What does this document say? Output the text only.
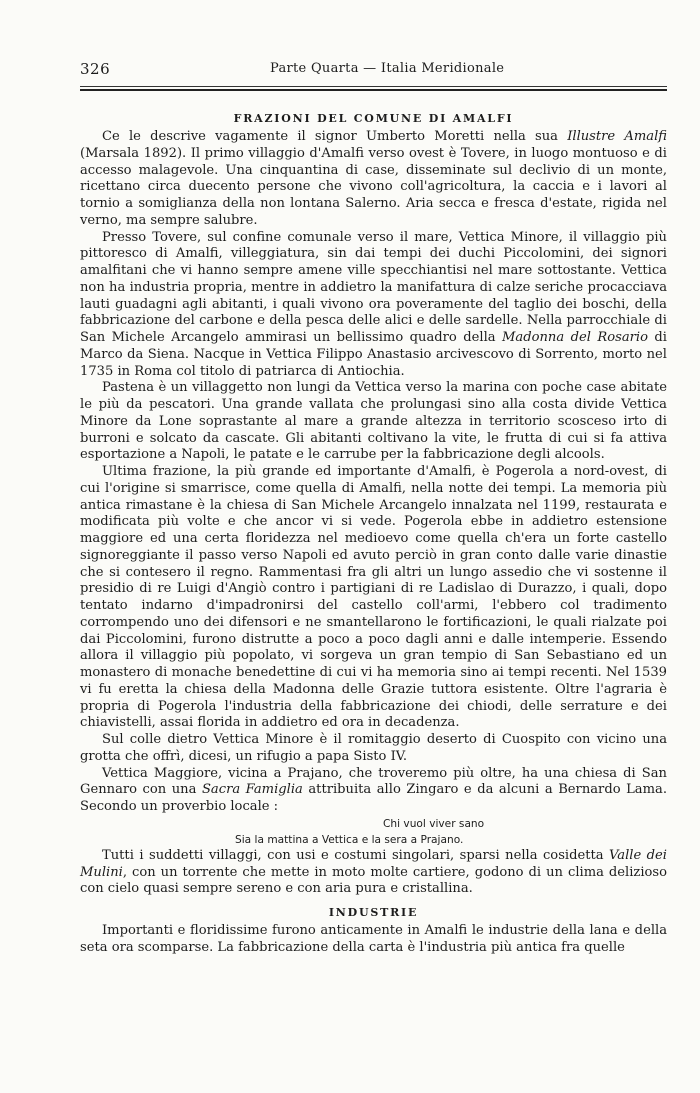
326	Parte Quarta — Italia Meridionale
FRAZIONI DEL COMUNE DI AMALFI

Ce le descrive vagamente il signor Umberto Moretti nella sua Illustre Amalfi (Marsala 1892). Il primo villaggio d'Amalfi verso ovest è Tovere, in luogo montuoso e di accesso malagevole. Una cinquantina di case, disseminate sul declivio di un monte, ricettano circa duecento persone che vivono coll'agricoltura, la caccia e i lavori al tornio a somiglianza della non lontana Salerno. Aria secca e fresca d'estate, rigida nel verno, ma sempre salubre.

Presso Tovere, sul confine comunale verso il mare, Vettica Minore, il villaggio più pittoresco di Amalfi, villeggiatura, sin dai tempi dei duchi Piccolomini, dei signori amalfitani che vi hanno sempre amene ville specchiantisi nel mare sottostante. Vettica non ha industria propria, mentre in addietro la manifattura di calze seriche procacciava lauti guadagni agli abitanti, i quali vivono ora poveramente del taglio dei boschi, della fabbricazione del carbone e della pesca delle alici e delle sardelle. Nella parrocchiale di San Michele Arcangelo ammirasi un bellissimo quadro della Madonna del Rosario di Marco da Siena. Nacque in Vettica Filippo Anastasio arcivescovo di Sorrento, morto nel 1735 in Roma col titolo di patriarca di Antiochia.

Pastena è un villaggetto non lungi da Vettica verso la marina con poche case abitate le più da pescatori. Una grande vallata che prolungasi sino alla costa divide Vettica Minore da Lone soprastante al mare a grande altezza in territorio scosceso irto di burroni e solcato da cascate. Gli abitanti coltivano la vite, le frutta di cui si fa attiva esportazione a Napoli, le patate e le carrube per la fabbricazione degli alcools.

Ultima frazione, la più grande ed importante d'Amalfi, è Pogerola a nord-ovest, di cui l'origine si smarrisce, come quella di Amalfi, nella notte dei tempi. La memoria più antica rimastane è la chiesa di San Michele Arcangelo innalzata nel 1199, restaurata e modificata più volte e che ancor vi si vede. Pogerola ebbe in addietro estensione maggiore ed una certa floridezza nel medioevo come quella ch'era un forte castello signoreggiante il passo verso Napoli ed avuto perciò in gran conto dalle varie dinastie che si contesero il regno. Rammentasi fra gli altri un lungo assedio che vi sostenne il presidio di re Luigi d'Angiò contro i partigiani di re Ladislao di Durazzo, i quali, dopo tentato indarno d'impadronirsi del castello coll'armi, l'ebbero col tradimento corrompendo uno dei difensori e ne smantellarono le fortificazioni, le quali rialzate poi dai Piccolomini, furono distrutte a poco a poco dagli anni e dalle intemperie. Essendo allora il villaggio più popolato, vi sorgeva un gran tempio di San Sebastiano ed un monastero di monache benedettine di cui vi ha memoria sino ai tempi recenti. Nel 1539 vi fu eretta la chiesa della Madonna delle Grazie tuttora esistente. Oltre l'agraria è propria di Pogerola l'industria della fabbricazione dei chiodi, delle serrature e dei chiavistelli, assai florida in addietro ed ora in decadenza.

Sul colle dietro Vettica Minore è il romitaggio deserto di Cuospito con vicino una grotta che offrì, dicesi, un rifugio a papa Sisto IV.

Vettica Maggiore, vicina a Prajano, che troveremo più oltre, ha una chiesa di San Gennaro con una Sacra Famiglia attribuita allo Zingaro e da alcuni a Bernardo Lama. Secondo un proverbio locale :

Chi vuol viver sano
Sia la mattina a Vettica e la sera a Prajano.

Tutti i suddetti villaggi, con usi e costumi singolari, sparsi nella cosidetta Valle dei Mulini, con un torrente che mette in moto molte cartiere, godono di un clima delizioso con cielo quasi sempre sereno e con aria pura e cristallina.

INDUSTRIE

Importanti e floridissime furono anticamente in Amalfi le industrie della lana e della seta ora scomparse. La fabbricazione della carta è l'industria più antica fra quelle
